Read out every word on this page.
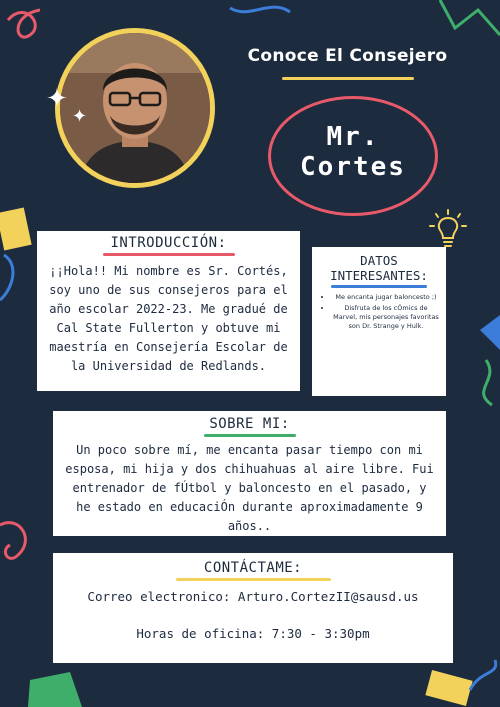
✦
✦
Conoce El Consejero
Mr. Cortes
INTRODUCCIÓN:
¡¡Hola!! Mi nombre es Sr. Cortés, soy uno de sus consejeros para el año escolar 2022-23. Me gradué de Cal State Fullerton y obtuve mi maestría en Consejería Escolar de la Universidad de Redlands.
DATOS INTERESANTES:
• Me encanta jugar baloncesto ;)
• Disfruta de los cÓmics de Marvel, mis personajes favoritas son Dr. Strange y Hulk.
SOBRE MI:
Un poco sobre mí, me encanta pasar tiempo con mi esposa, mi hija y dos chihuahuas al aire libre. Fui entrenador de fÚtbol y baloncesto en el pasado, y he estado en educaciÓn durante aproximadamente 9 años..
CONTÁCTAME:
Correo electronico: Arturo.CortezII@sausd.us
Horas de oficina: 7:30 - 3:30pm
